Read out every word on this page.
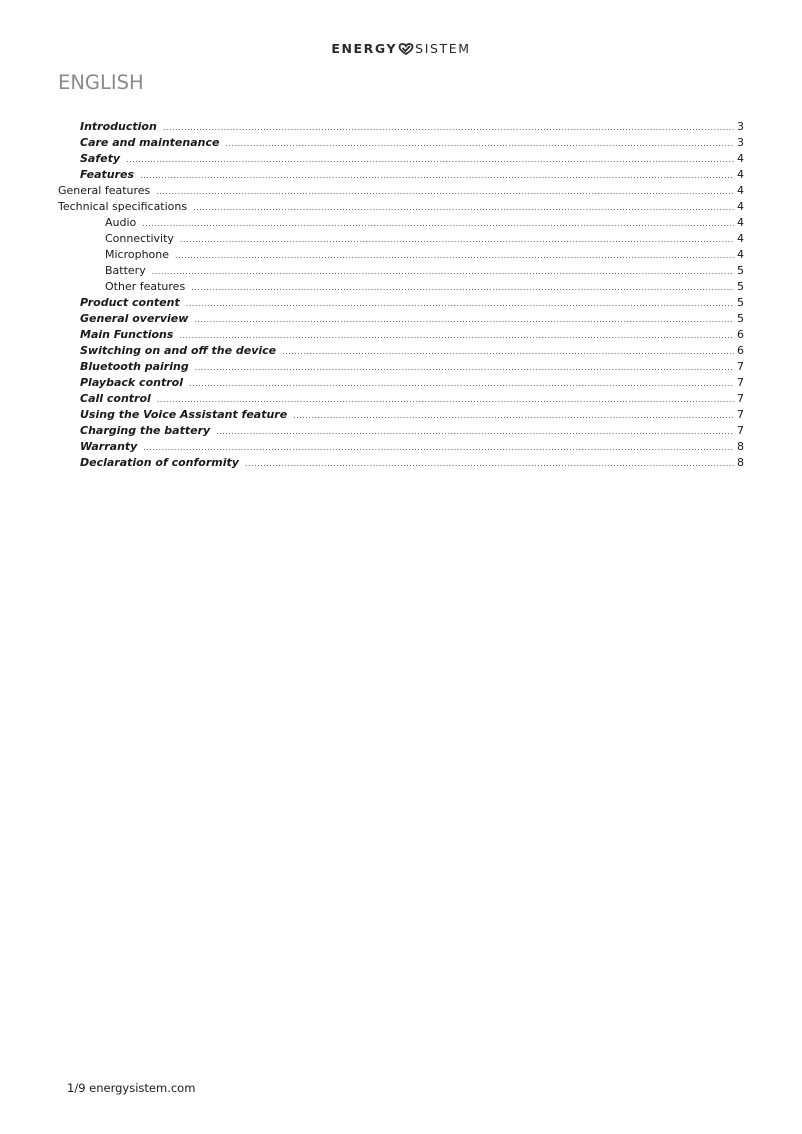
ENERGY SISTEM
ENGLISH
Introduction .....	3
Care and maintenance .....	3
Safety .....	4
Features .....	4
General features .....	4
Technical specifications .....	4
Audio .....	4
Connectivity .....	4
Microphone .....	4
Battery .....	5
Other features .....	5
Product content .....	5
General overview .....	5
Main Functions .....	6
Switching on and off the device .....	6
Bluetooth pairing .....	7
Playback control .....	7
Call control .....	7
Using the Voice Assistant feature .....	7
Charging the battery .....	7
Warranty .....	8
Declaration of conformity .....	8
1/9 energysistem.com
